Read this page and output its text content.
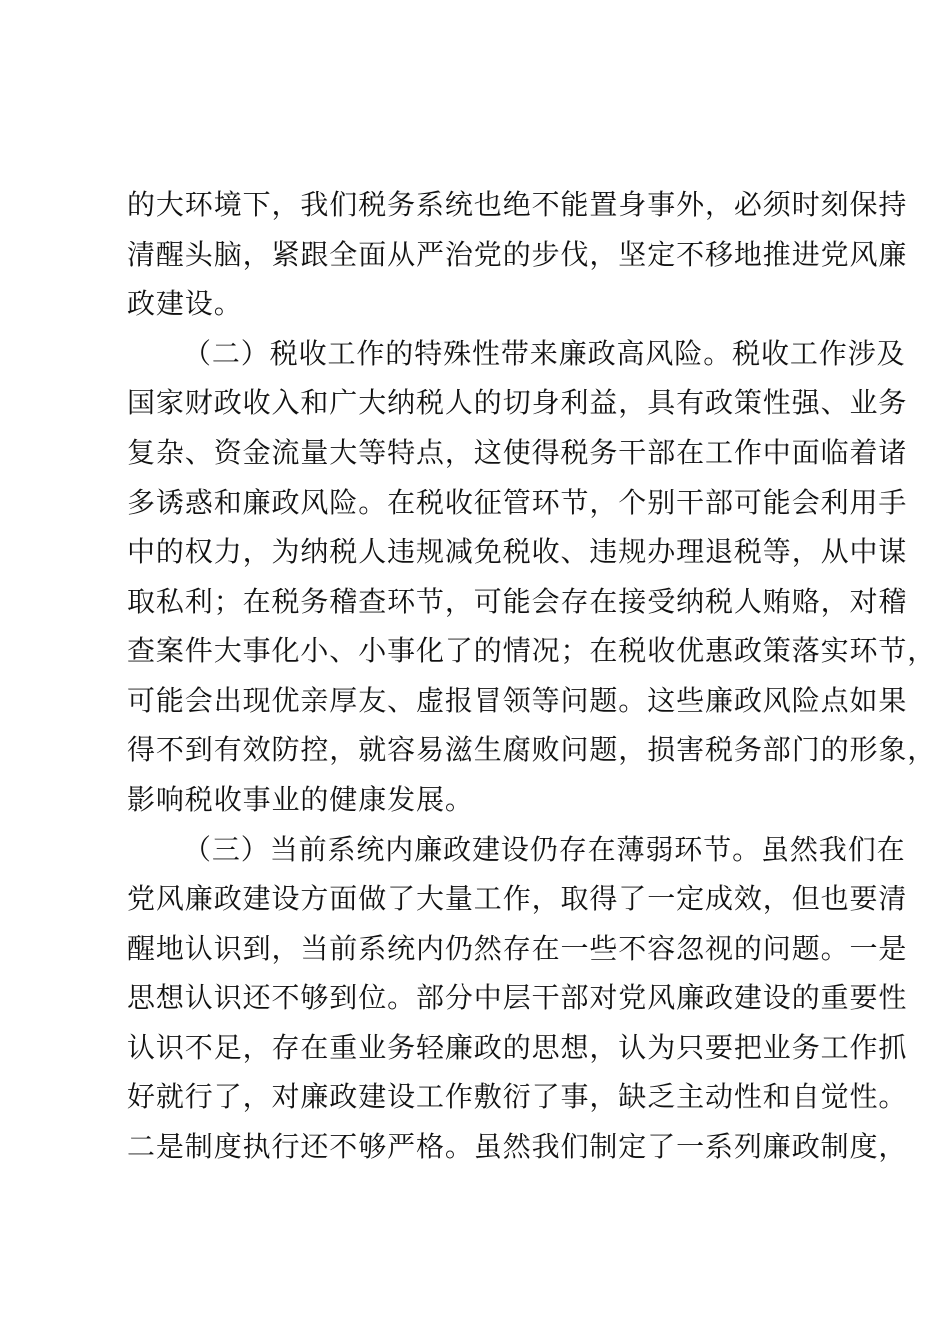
的大环境下，我们税务系统也绝不能置身事外，必须时刻保持
清醒头脑，紧跟全面从严治党的步伐，坚定不移地推进党风廉
政建设。
（二）税收工作的特殊性带来廉政高风险。税收工作涉及
国家财政收入和广大纳税人的切身利益，具有政策性强、业务
复杂、资金流量大等特点，这使得税务干部在工作中面临着诸
多诱惑和廉政风险。在税收征管环节，个别干部可能会利用手
中的权力，为纳税人违规减免税收、违规办理退税等，从中谋
取私利；在税务稽查环节，可能会存在接受纳税人贿赂，对稽
查案件大事化小、小事化了的情况；在税收优惠政策落实环节，
可能会出现优亲厚友、虚报冒领等问题。这些廉政风险点如果
得不到有效防控，就容易滋生腐败问题，损害税务部门的形象，
影响税收事业的健康发展。
（三）当前系统内廉政建设仍存在薄弱环节。虽然我们在
党风廉政建设方面做了大量工作，取得了一定成效，但也要清
醒地认识到，当前系统内仍然存在一些不容忽视的问题。一是
思想认识还不够到位。部分中层干部对党风廉政建设的重要性
认识不足，存在重业务轻廉政的思想，认为只要把业务工作抓
好就行了，对廉政建设工作敷衍了事，缺乏主动性和自觉性。
二是制度执行还不够严格。虽然我们制定了一系列廉政制度，
